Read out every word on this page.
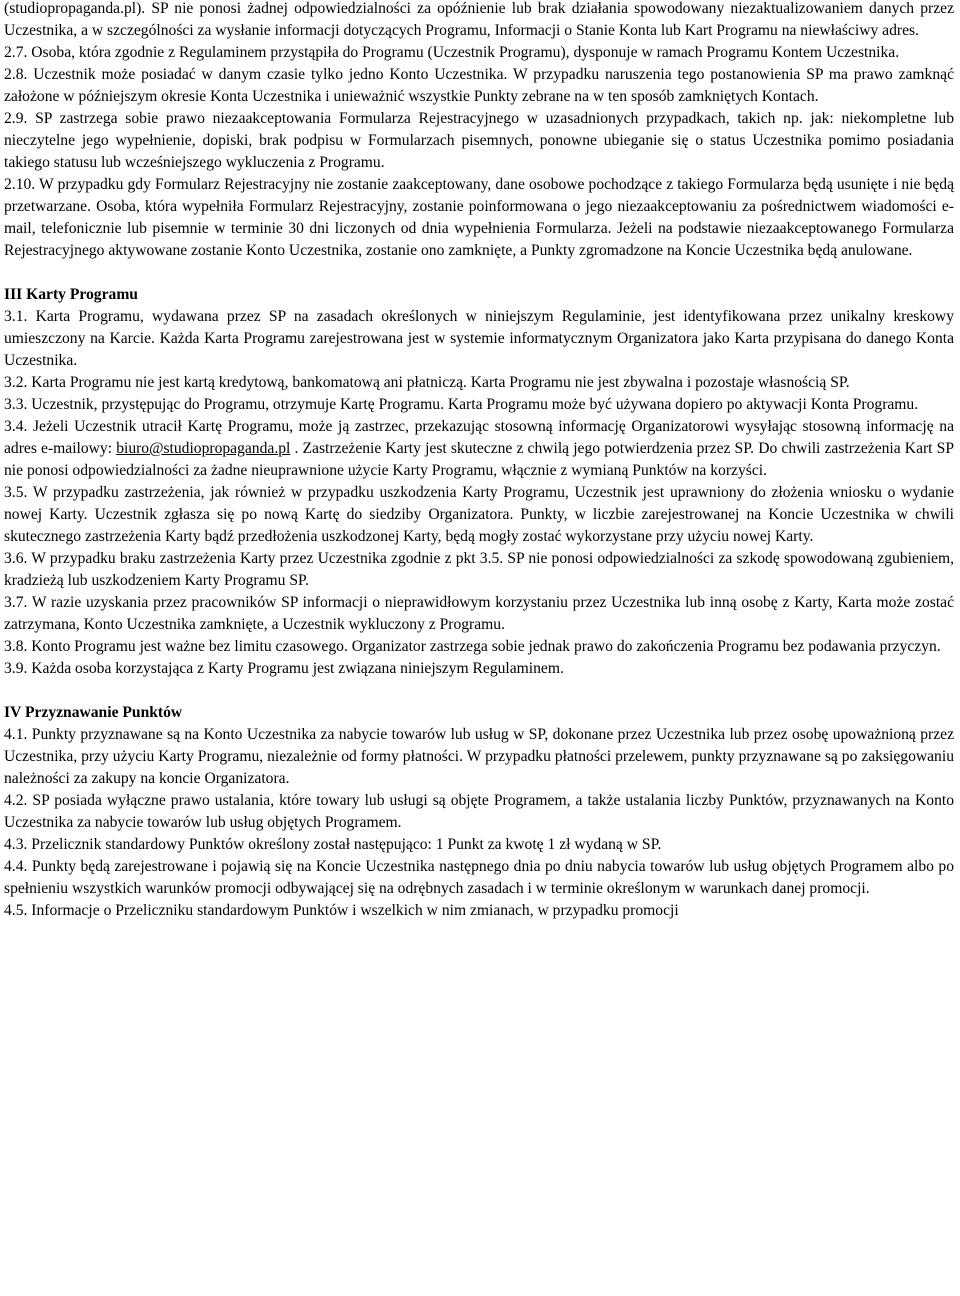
(studiopropaganda.pl). SP nie ponosi żadnej odpowiedzialności za opóźnienie lub brak działania spowodowany niezaktualizowaniem danych przez Uczestnika, a w szczególności za wysłanie informacji dotyczących Programu, Informacji o Stanie Konta lub Kart Programu na niewłaściwy adres.

2.7. Osoba, która zgodnie z Regulaminem przystąpiła do Programu (Uczestnik Programu), dysponuje w ramach Programu Kontem Uczestnika.

2.8. Uczestnik może posiadać w danym czasie tylko jedno Konto Uczestnika. W przypadku naruszenia tego postanowienia SP ma prawo zamknąć założone w późniejszym okresie Konta Uczestnika i unieważnić wszystkie Punkty zebrane na w ten sposób zamkniętych Kontach.

2.9. SP zastrzega sobie prawo niezaakceptowania Formularza Rejestracyjnego w uzasadnionych przypadkach, takich np. jak: niekompletne lub nieczytelne jego wypełnienie, dopiski, brak podpisu w Formularzach pisemnych, ponowne ubieganie się o status Uczestnika pomimo posiadania takiego statusu lub wcześniejszego wykluczenia z Programu.

2.10. W przypadku gdy Formularz Rejestracyjny nie zostanie zaakceptowany, dane osobowe pochodzące z takiego Formularza będą usunięte i nie będą przetwarzane. Osoba, która wypełniła Formularz Rejestracyjny, zostanie poinformowana o jego niezaakceptowaniu za pośrednictwem wiadomości e-mail, telefonicznie lub pisemnie w terminie 30 dni liczonych od dnia wypełnienia Formularza. Jeżeli na podstawie niezaakceptowanego Formularza Rejestracyjnego aktywowane zostanie Konto Uczestnika, zostanie ono zamknięte, a Punkty zgromadzone na Koncie Uczestnika będą anulowane.

III Karty Programu

3.1. Karta Programu, wydawana przez SP na zasadach określonych w niniejszym Regulaminie, jest identyfikowana przez unikalny kreskowy umieszczony na Karcie. Każda Karta Programu zarejestrowana jest w systemie informatycznym Organizatora jako Karta przypisana do danego Konta Uczestnika.

3.2. Karta Programu nie jest kartą kredytową, bankomatową ani płatniczą. Karta Programu nie jest zbywalna i pozostaje własnością SP.

3.3. Uczestnik, przystępując do Programu, otrzymuje Kartę Programu. Karta Programu może być używana dopiero po aktywacji Konta Programu.

3.4. Jeżeli Uczestnik utracił Kartę Programu, może ją zastrzec, przekazując stosowną informację Organizatorowi wysyłając stosowną informację na adres e-mailowy: biuro@studiopropaganda.pl . Zastrzeżenie Karty jest skuteczne z chwilą jego potwierdzenia przez SP. Do chwili zastrzeżenia Kart SP nie ponosi odpowiedzialności za żadne nieuprawnione użycie Karty Programu, włącznie z wymianą Punktów na korzyści.

3.5. W przypadku zastrzeżenia, jak również w przypadku uszkodzenia Karty Programu, Uczestnik jest uprawniony do złożenia wniosku o wydanie nowej Karty. Uczestnik zgłasza się po nową Kartę do siedziby Organizatora. Punkty, w liczbie zarejestrowanej na Koncie Uczestnika w chwili skutecznego zastrzeżenia Karty bądź przedłożenia uszkodzonej Karty, będą mogły zostać wykorzystane przy użyciu nowej Karty.

3.6. W przypadku braku zastrzeżenia Karty przez Uczestnika zgodnie z pkt 3.5. SP nie ponosi odpowiedzialności za szkodę spowodowaną zgubieniem, kradzieżą lub uszkodzeniem Karty Programu SP.

3.7. W razie uzyskania przez pracowników SP informacji o nieprawidłowym korzystaniu przez Uczestnika lub inną osobę z Karty, Karta może zostać zatrzymana, Konto Uczestnika zamknięte, a Uczestnik wykluczony z Programu.

3.8. Konto Programu jest ważne bez limitu czasowego. Organizator zastrzega sobie jednak prawo do zakończenia Programu bez podawania przyczyn.

3.9. Każda osoba korzystająca z Karty Programu jest związana niniejszym Regulaminem.

IV Przyznawanie Punktów

4.1. Punkty przyznawane są na Konto Uczestnika za nabycie towarów lub usług w SP, dokonane przez Uczestnika lub przez osobę upoważnioną przez Uczestnika, przy użyciu Karty Programu, niezależnie od formy płatności. W przypadku płatności przelewem, punkty przyznawane są po zaksięgowaniu należności za zakupy na koncie Organizatora.

4.2. SP posiada wyłączne prawo ustalania, które towary lub usługi są objęte Programem, a także ustalania liczby Punktów, przyznawanych na Konto Uczestnika za nabycie towarów lub usług objętych Programem.

4.3. Przelicznik standardowy Punktów określony został następująco: 1 Punkt za kwotę 1 zł wydaną w SP.

4.4. Punkty będą zarejestrowane i pojawią się na Koncie Uczestnika następnego dnia po dniu nabycia towarów lub usług objętych Programem albo po spełnieniu wszystkich warunków promocji odbywającej się na odrębnych zasadach i w terminie określonym w warunkach danej promocji.

4.5. Informacje o Przeliczniku standardowym Punktów i wszelkich w nim zmianach, w przypadku promocji
